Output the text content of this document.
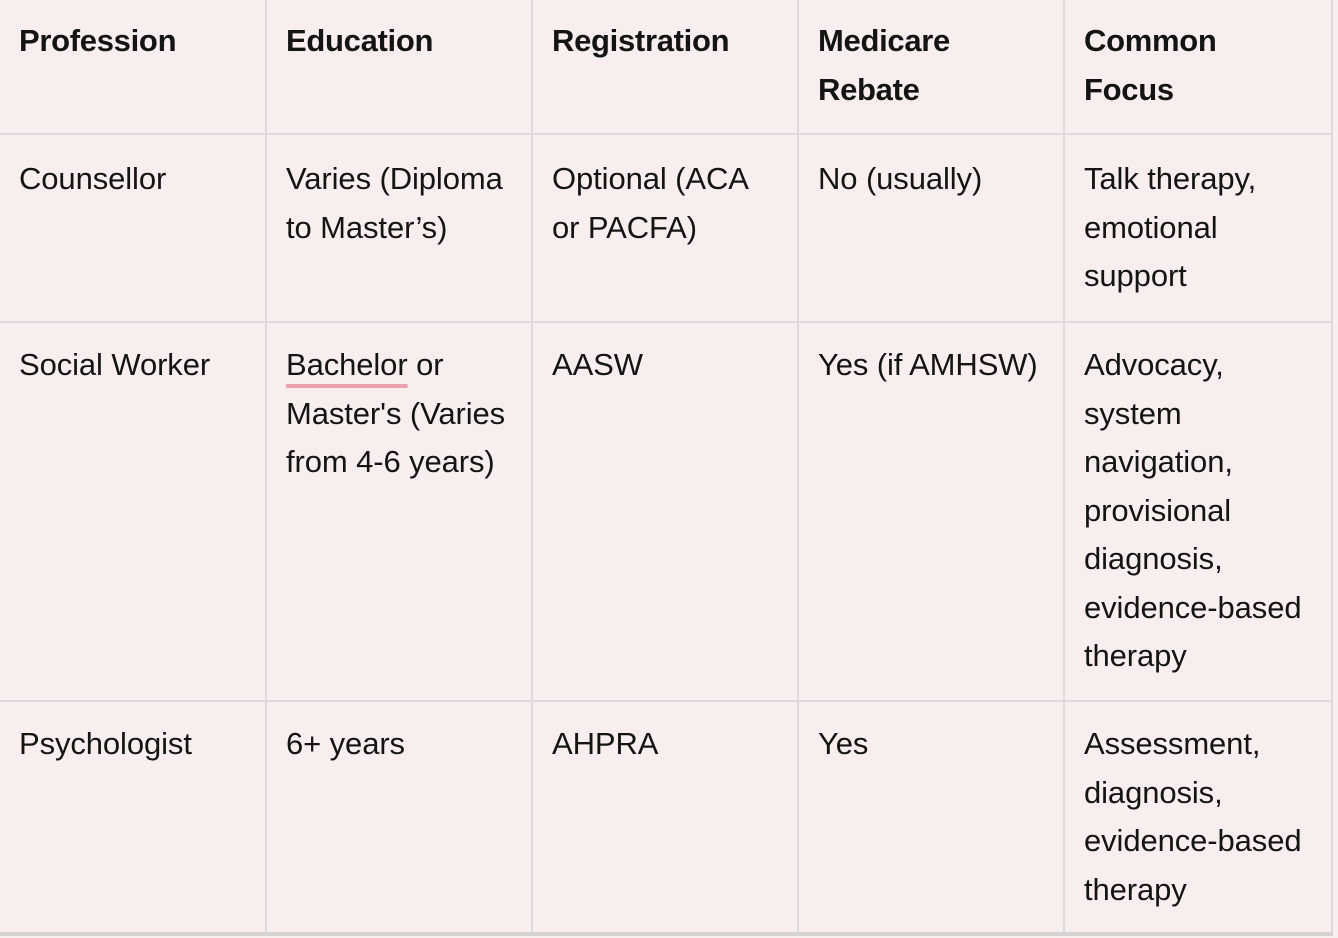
Profession	Education	Registration	Medicare Rebate	Common Focus
Counsellor	Varies (Diploma to Master’s)	Optional (ACA or PACFA)	No (usually)	Talk therapy, emotional support
Social Worker	Bachelor or Master's (Varies from 4-6 years)	AASW	Yes (if AMHSW)	Advocacy, system navigation, provisional diagnosis, evidence-based therapy
Psychologist	6+ years	AHPRA	Yes	Assessment, diagnosis, evidence-based therapy
